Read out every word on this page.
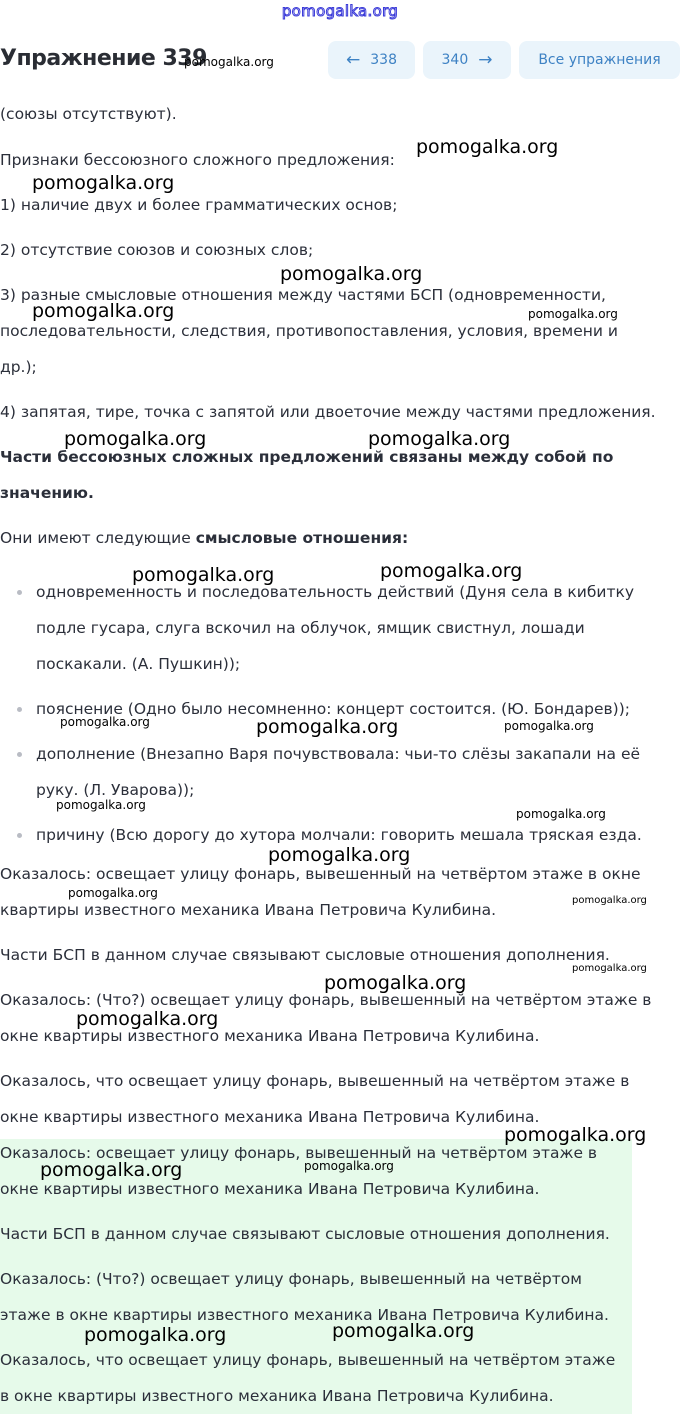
pomogalka.org
Упражнение 339	← 338	340 →	Все упражнения
(союзы отсутствуют).
Признаки бессоюзного сложного предложения:
1) наличие двух и более грамматических основ;
2) отсутствие союзов и союзных слов;
3) разные смысловые отношения между частями БСП (одновременности,
последовательности, следствия, противопоставления, условия, времени и
др.);
4) запятая, тире, точка с запятой или двоеточие между частями предложения.
Части бессоюзных сложных предложений связаны между собой по
значению.
Они имеют следующие смысловые отношения:
одновременность и последовательность действий (Дуня села в кибитку
подле гусара, слуга вскочил на облучок, ямщик свистнул, лошади
поскакали. (А. Пушкин));
пояснение (Одно было несомненно: концерт состоится. (Ю. Бондарев));
дополнение (Внезапно Варя почувствовала: чьи-то слёзы закапали на её
руку. (Л. Уварова));
причину (Всю дорогу до хутора молчали: говорить мешала тряская езда.
Оказалось: освещает улицу фонарь, вывешенный на четвёртом этаже в окне
квартиры известного механика Ивана Петровича Кулибина.
Части БСП в данном случае связывают сысловые отношения дополнения.
Оказалось: (Что?) освещает улицу фонарь, вывешенный на четвёртом этаже в
окне квартиры известного механика Ивана Петровича Кулибина.
Оказалось, что освещает улицу фонарь, вывешенный на четвёртом этаже в
окне квартиры известного механика Ивана Петровича Кулибина.
Оказалось: освещает улицу фонарь, вывешенный на четвёртом этаже в
окне квартиры известного механика Ивана Петровича Кулибина.
Части БСП в данном случае связывают сысловые отношения дополнения.
Оказалось: (Что?) освещает улицу фонарь, вывешенный на четвёртом
этаже в окне квартиры известного механика Ивана Петровича Кулибина.
Оказалось, что освещает улицу фонарь, вывешенный на четвёртом этаже
в окне квартиры известного механика Ивана Петровича Кулибина.
pomogalka.org
pomogalka.org
pomogalka.org
pomogalka.org
pomogalka.org	pomogalka.org
pomogalka.org	pomogalka.org
pomogalka.org	pomogalka.org
pomogalka.org	pomogalka.org	pomogalka.org
pomogalka.org
pomogalka.org
pomogalka.org
pomogalka.org
pomogalka.org
pomogalka.org
pomogalka.org
pomogalka.org
pomogalka.org
pomogalka.org
pomogalka.org
pomogalka.org	pomogalka.org
